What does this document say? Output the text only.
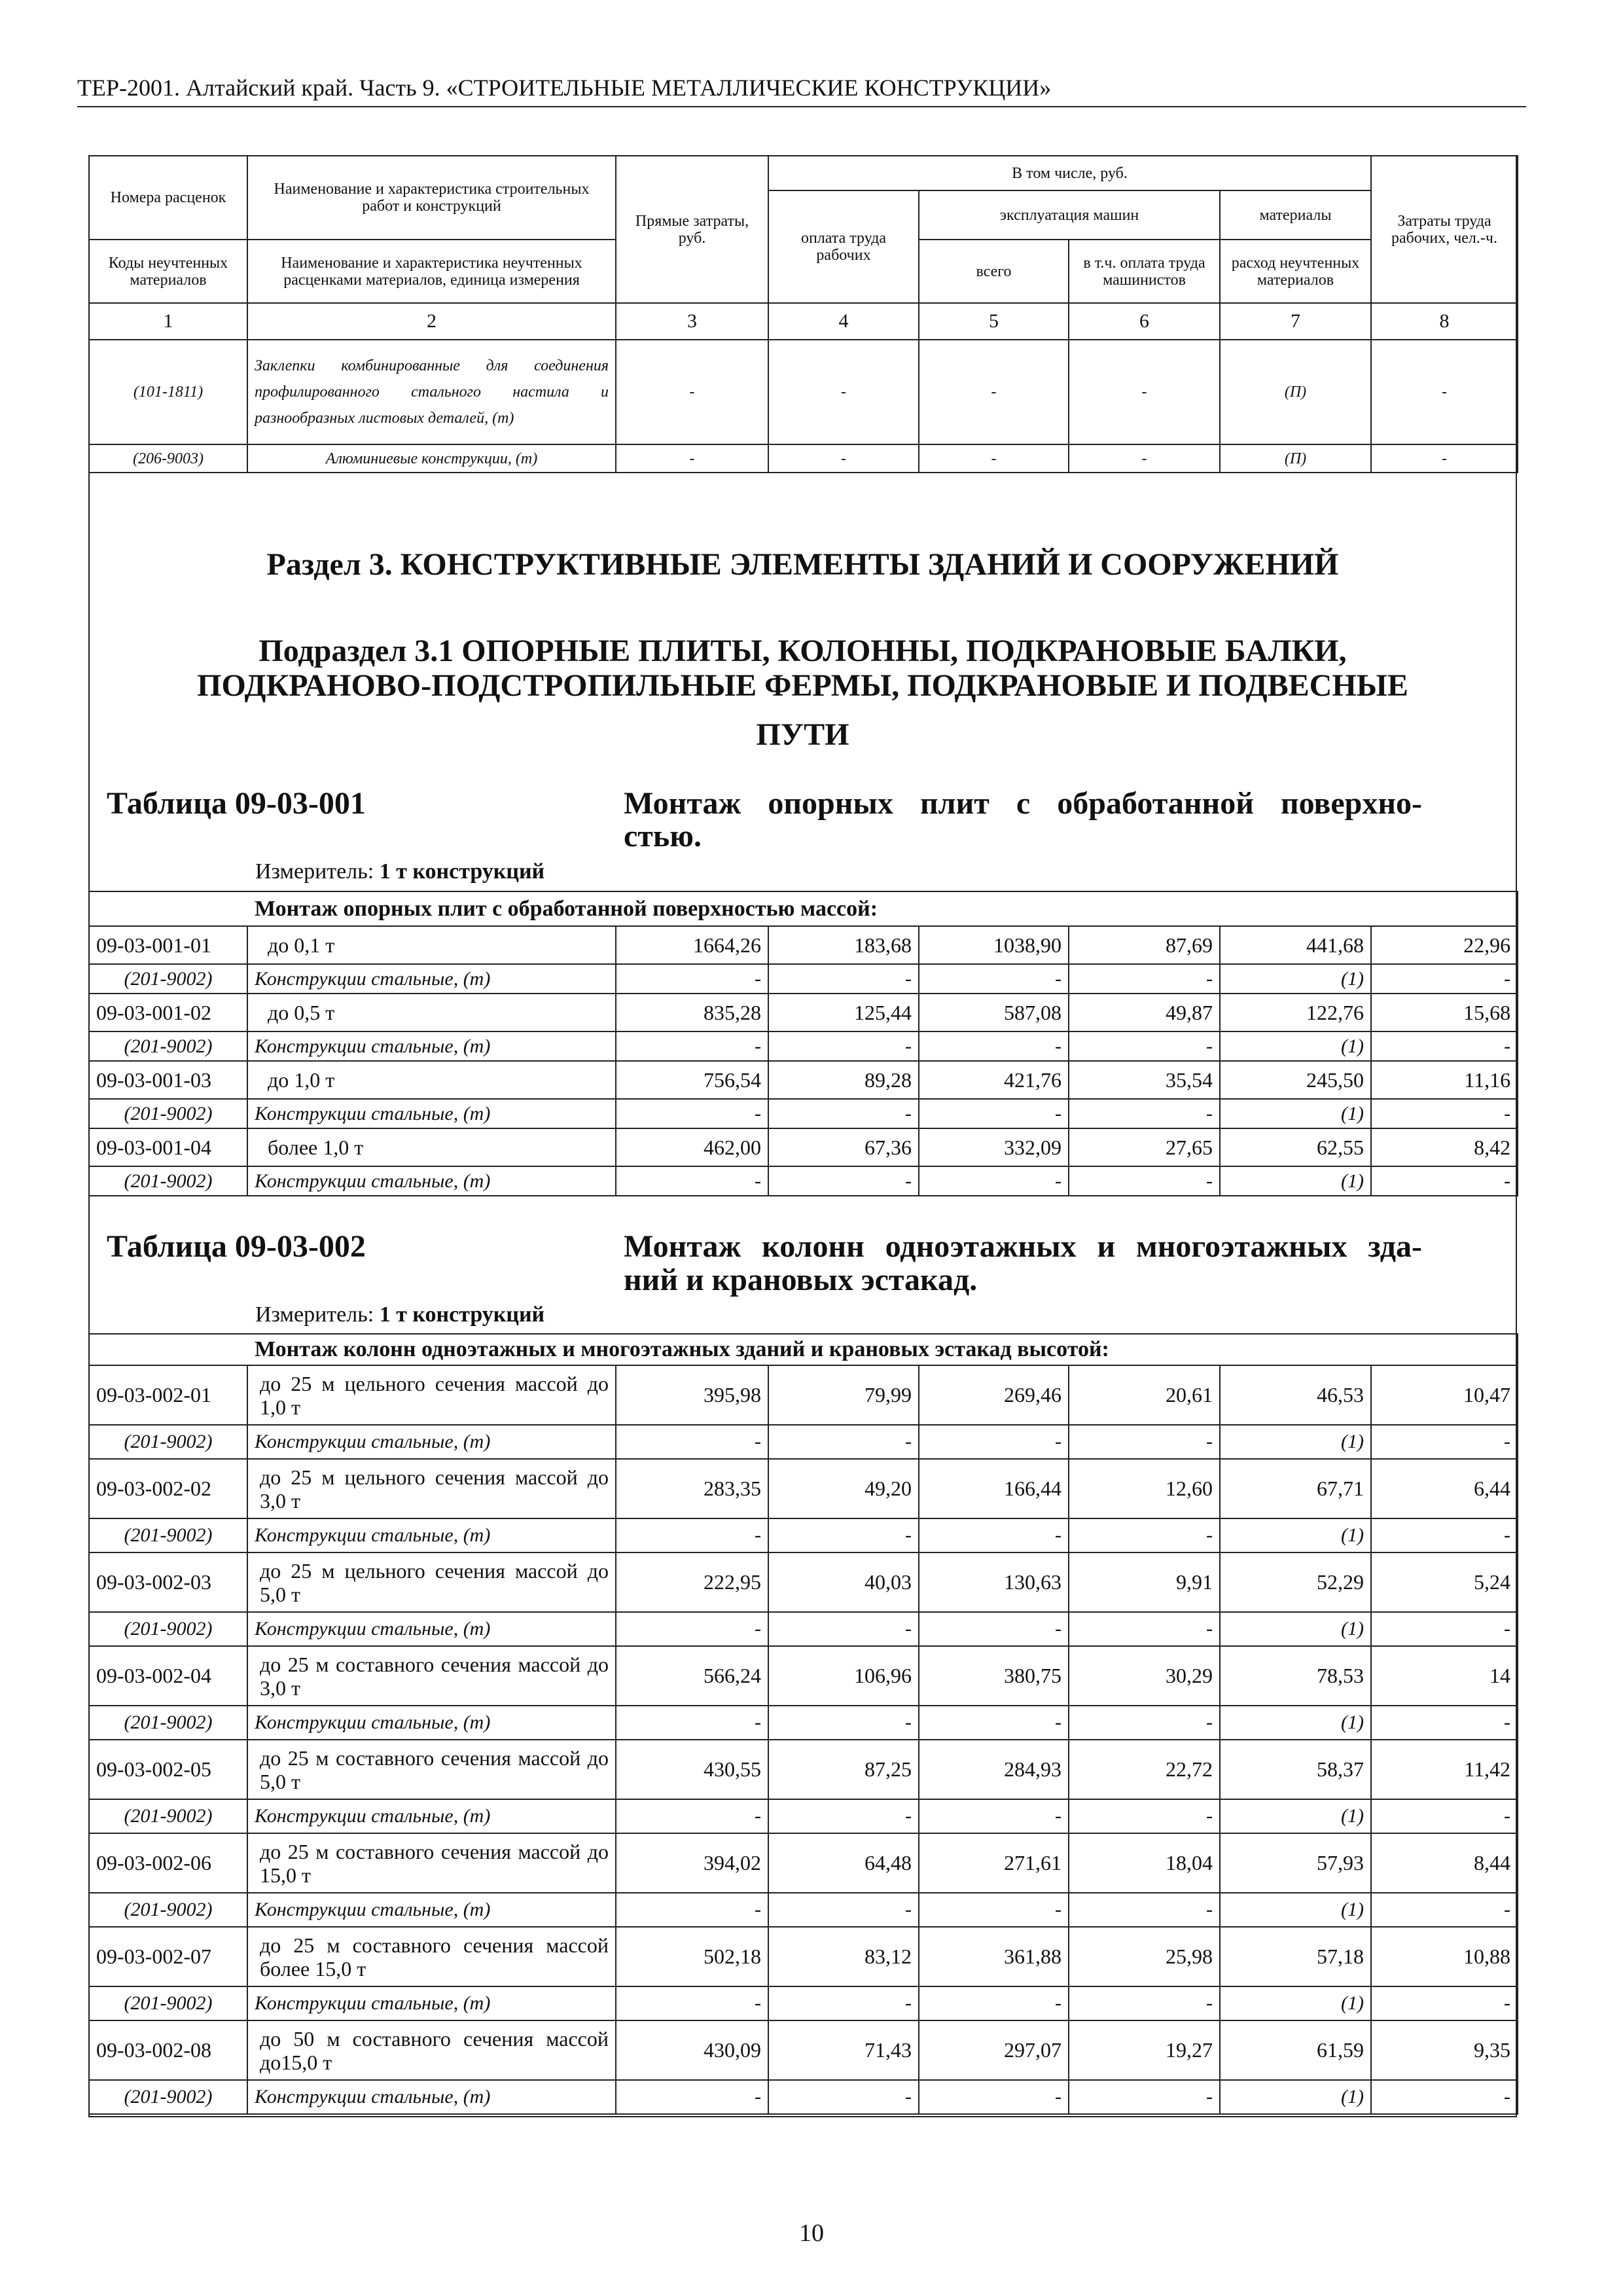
ТЕР-2001. Алтайский край. Часть 9. «СТРОИТЕЛЬНЫЕ МЕТАЛЛИЧЕСКИЕ КОНСТРУКЦИИ»
Номера расценок	Наименование и характеристика строительных работ и конструкций	Прямые затраты, руб.	В том числе, руб.				Затраты труда рабочих, чел.-ч.
			оплата труда рабочих	эксплуатация машин		материалы	
Коды неучтенных материалов	Наименование и характеристика неучтенных расценками материалов, единица измерения			всего	в т.ч. оплата труда машинистов	расход неучтенных материалов	
1	2	3	4	5	6	7	8
(101-1811)	Заклепки комбинированные для соединения профилированного стального настила и разнообразных листовых деталей, (т)	-	-	-	-	(П)	-
(206-9003)	Алюминиевые конструкции, (т)	-	-	-	-	(П)	-
Раздел 3. КОНСТРУКТИВНЫЕ ЭЛЕМЕНТЫ ЗДАНИЙ И СООРУЖЕНИЙ
Подраздел 3.1 ОПОРНЫЕ ПЛИТЫ, КОЛОННЫ, ПОДКРАНОВЫЕ БАЛКИ,
ПОДКРАНОВО-ПОДСТРОПИЛЬНЫЕ ФЕРМЫ, ПОДКРАНОВЫЕ И ПОДВЕСНЫЕ
ПУТИ
Таблица 09-03-001	Монтаж опорных плит с обработанной поверхно-
стью.
Измеритель: 1 т конструкций
Монтаж опорных плит с обработанной поверхностью массой:							
09-03-001-01	до 0,1 т	1664,26	183,68	1038,90	87,69	441,68	22,96
(201-9002)	Конструкции стальные, (т)	-	-	-	-	(1)	-
09-03-001-02	до 0,5 т	835,28	125,44	587,08	49,87	122,76	15,68
(201-9002)	Конструкции стальные, (т)	-	-	-	-	(1)	-
09-03-001-03	до 1,0 т	756,54	89,28	421,76	35,54	245,50	11,16
(201-9002)	Конструкции стальные, (т)	-	-	-	-	(1)	-
09-03-001-04	более 1,0 т	462,00	67,36	332,09	27,65	62,55	8,42
(201-9002)	Конструкции стальные, (т)	-	-	-	-	(1)	-
Таблица 09-03-002	Монтаж колонн одноэтажных и многоэтажных зда-
ний и крановых эстакад.
Измеритель: 1 т конструкций
Монтаж колонн одноэтажных и многоэтажных зданий и крановых эстакад высотой:							
09-03-002-01	до 25 м цельного сечения массой до 1,0 т	395,98	79,99	269,46	20,61	46,53	10,47
(201-9002)	Конструкции стальные, (т)	-	-	-	-	(1)	-
09-03-002-02	до 25 м цельного сечения массой до 3,0 т	283,35	49,20	166,44	12,60	67,71	6,44
(201-9002)	Конструкции стальные, (т)	-	-	-	-	(1)	-
09-03-002-03	до 25 м цельного сечения массой до 5,0 т	222,95	40,03	130,63	9,91	52,29	5,24
(201-9002)	Конструкции стальные, (т)	-	-	-	-	(1)	-
09-03-002-04	до 25 м составного сечения массой до 3,0 т	566,24	106,96	380,75	30,29	78,53	14
(201-9002)	Конструкции стальные, (т)	-	-	-	-	(1)	-
09-03-002-05	до 25 м составного сечения массой до 5,0 т	430,55	87,25	284,93	22,72	58,37	11,42
(201-9002)	Конструкции стальные, (т)	-	-	-	-	(1)	-
09-03-002-06	до 25 м составного сечения массой до 15,0 т	394,02	64,48	271,61	18,04	57,93	8,44
(201-9002)	Конструкции стальные, (т)	-	-	-	-	(1)	-
09-03-002-07	до 25 м составного сечения массой более 15,0 т	502,18	83,12	361,88	25,98	57,18	10,88
(201-9002)	Конструкции стальные, (т)	-	-	-	-	(1)	-
09-03-002-08	до 50 м составного сечения массой до15,0 т	430,09	71,43	297,07	19,27	61,59	9,35
(201-9002)	Конструкции стальные, (т)	-	-	-	-	(1)	-
10
